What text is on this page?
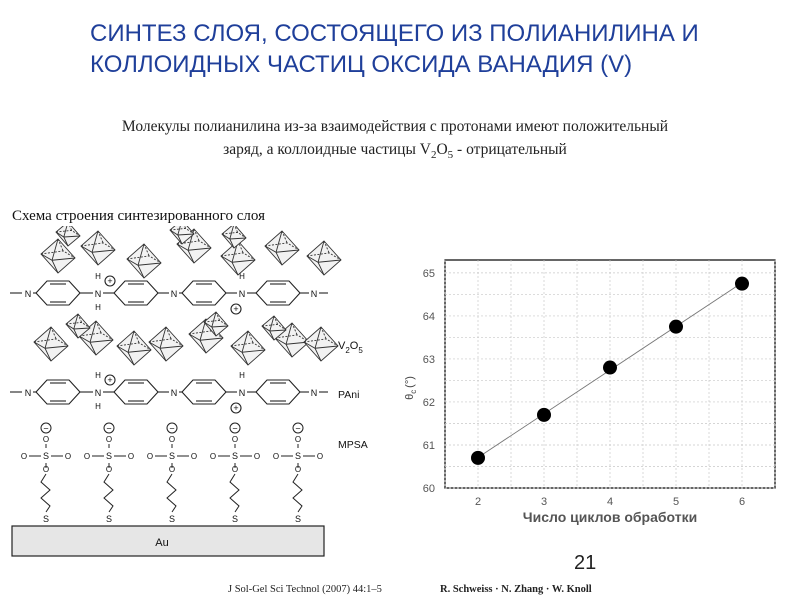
СИНТЕЗ СЛОЯ, СОСТОЯЩЕГО ИЗ ПОЛИАНИЛИНА И
КОЛЛОИДНЫХ ЧАСТИЦ ОКСИДА ВАНАДИЯ (V)
Молекулы полианилина из-за взаимодействия с протонами имеют положительный
заряд, а коллоидные частицы $V_2O_5$ - отрицательный
Схема строения синтезированного слоя
N	N	N	N	N
H
H
+	H
+
N	N	N	N	N
H
H
+	H
+
−
O
O S O
O
S
−
O
O S O
O
S
−
O
O S O
O
S
−
O
O S O
O
S
−
O
O S O
O
S
Au
$V_2O_5$
PAni
MPSA
60
61
62
63
64
65
2	3	4	5	6
$\theta_c(^\circ)$
Число циклов обработки
21
J Sol-Gel Sci Technol (2007) 44:1–5	R. Schweiss · N. Zhang · W. Knoll
